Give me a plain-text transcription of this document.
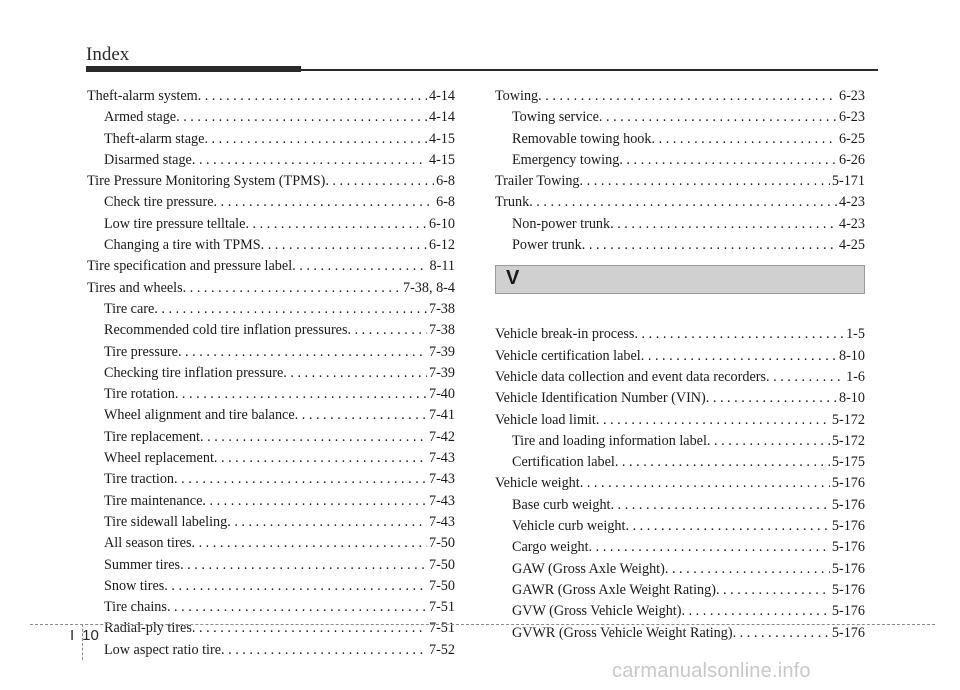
Index
Theft-alarm system . . .	4-14
Armed stage . . .	4-14
Theft-alarm stage . . .	4-15
Disarmed stage . . .	4-15
Tire Pressure Monitoring System (TPMS) . . .	6-8
Check tire pressure . . .	6-8
Low tire pressure telltale . . .	6-10
Changing a tire with TPMS . . .	6-12
Tire specification and pressure label . . .	8-11
Tires and wheels . . .	7-38, 8-4
Tire care . . .	7-38
Recommended cold tire inflation pressures . . .	7-38
Tire pressure . . .	7-39
Checking tire inflation pressure . . .	7-39
Tire rotation . . .	7-40
Wheel alignment and tire balance . . .	7-41
Tire replacement . . .	7-42
Wheel replacement . . .	7-43
Tire traction . . .	7-43
Tire maintenance . . .	7-43
Tire sidewall labeling . . .	7-43
All season tires . . .	7-50
Summer tires . . .	7-50
Snow tires . . .	7-50
Tire chains . . .	7-51
Radial-ply tires . . .	7-51
Low aspect ratio tire . . .	7-52
Towing . . .	6-23
Towing service . . .	6-23
Removable towing hook . . .	6-25
Emergency towing . . .	6-26
Trailer Towing . . .	5-171
Trunk . . .	4-23
Non-power trunk . . .	4-23
Power trunk . . .	4-25
V
Vehicle break-in process . . .	1-5
Vehicle certification label . . .	8-10
Vehicle data collection and event data recorders . . .	1-6
Vehicle Identification Number (VIN) . . .	8-10
Vehicle load limit . . .	5-172
Tire and loading information label . . .	5-172
Certification label . . .	5-175
Vehicle weight . . .	5-176
Base curb weight . . .	5-176
Vehicle curb weight . . .	5-176
Cargo weight . . .	5-176
GAW (Gross Axle Weight) . . .	5-176
GAWR (Gross Axle Weight Rating) . . .	5-176
GVW (Gross Vehicle Weight) . . .	5-176
GVWR (Gross Vehicle Weight Rating) . . .	5-176
I 10
carmanualsonline.info
